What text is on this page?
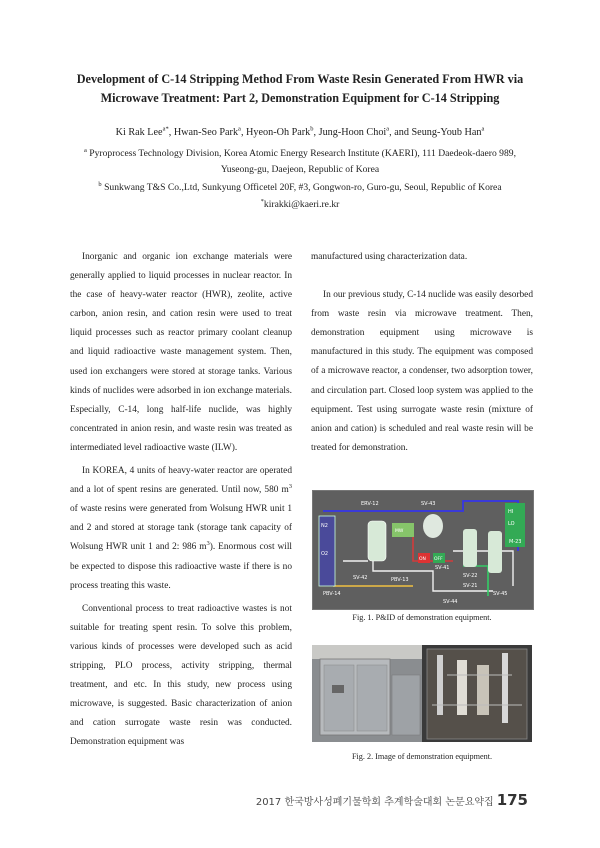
Development of C-14 Stripping Method From Waste Resin Generated From HWR via
Microwave Treatment: Part 2, Demonstration Equipment for C-14 Stripping
Ki Rak Lee$^{a*}$, Hwan-Seo Park$^a$, Hyeon-Oh Park$^b$, Jung-Hoon Choi$^a$, and Seung-Youb Han$^a$
$^a$ Pyroprocess Technology Division, Korea Atomic Energy Research Institute (KAERI), 111 Daedeok-daero 989,
Yuseong-gu, Daejeon, Republic of Korea
$^b$ Sunkwang T&S Co.,Ltd, Sunkyung Officetel 20F, #3, Gongwon-ro, Guro-gu, Seoul, Republic of Korea
*kirakki@kaeri.re.kr

Inorganic and organic ion exchange materials were generally applied to liquid processes in nuclear reactor. In the case of heavy-water reactor (HWR), zeolite, active carbon, anion resin, and cation resin were used to treat liquid processes such as reactor primary coolant cleanup and liquid radioactive waste management system. Then, used ion exchangers were stored at storage tanks. Various kinds of nuclides were adsorbed in ion exchange materials. Especially, C-14, long half-life nuclide, was highly concentrated in anion resin, and waste resin was treated as intermediated level radioactive waste (ILW).

In KOREA, 4 units of heavy-water reactor are operated and a lot of spent resins are generated. Until now, 580 $m^3$ of waste resins were generated from Wolsung HWR unit 1 and 2 and stored at storage tank (storage tank capacity of Wolsung HWR unit 1 and 2: 986 $m^3$). Enormous cost will be expected to dispose this radioactive waste if there is no process treating this waste.

Conventional process to treat radioactive wastes is not suitable for treating spent resin. To solve this problem, various kinds of processes were developed such as acid stripping, PLO process, activity stripping, thermal treatment, and etc. In this study, new process using microwave, is suggested. Basic characterization of anion and cation surrogate waste resin was conducted. Demonstration equipment was

manufactured using characterization data.

In our previous study, C-14 nuclide was easily desorbed from waste resin via microwave treatment. Then, demonstration equipment using microwave is manufactured in this study. The equipment was composed of a microwave reactor, a condenser, two adsorption tower, and circulation part. Closed loop system was applied to the equipment. Test using surrogate waste resin (mixture of anion and cation) is scheduled and real waste resin will be treated for demonstration.

ERV-12	SV-43
N2
O2
MW
ON OFF
HI
LO
SV-42
SV-41
PBV-14
PBV-13
SV-22
SV-21
SV-44
SV-45
M-23
Fig. 1. P&ID of demonstration equipment.
Fig. 2. Image of demonstration equipment.
2017 한국방사성폐기물학회 추계학술대회 논문요약집 175
